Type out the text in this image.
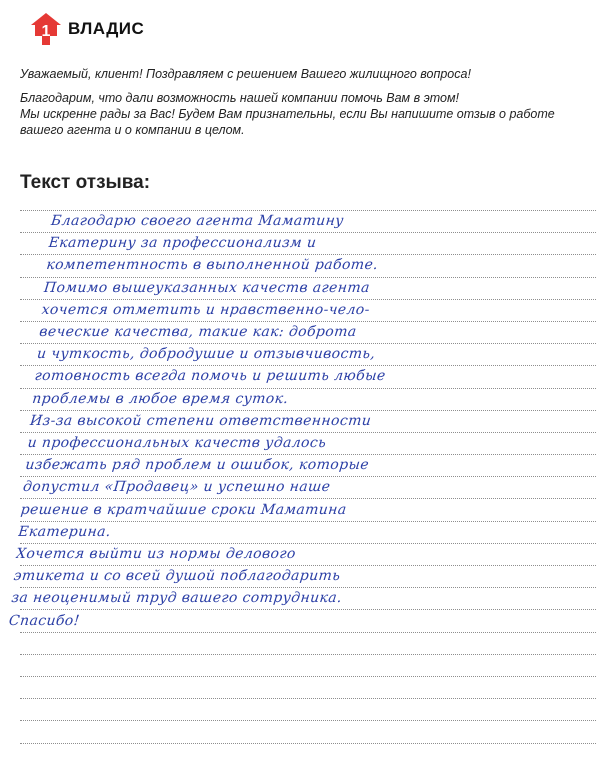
1	ВЛАДИС

Уважаемый, клиент! Поздравляем с решением Вашего жилищного вопроса!

Благодарим, что дали возможность нашей компании помочь Вам в этом!
Мы искренне рады за Вас! Будем Вам признательны, если Вы напишите отзыв о работе
вашего агента и о компании в целом.

Текст отзыва:
Благодарю своего агента Маматину
Екатерину за профессионализм и
компетентность в выполненной работе.
Помимо вышеуказанных качеств агента
хочется отметить и нравственно-чело-
веческие качества, такие как: доброта
и чуткость, добродушие и отзывчивость,
готовность всегда помочь и решить любые
проблемы в любое время суток.
Из-за высокой степени ответственности
и профессиональных качеств удалось
избежать ряд проблем и ошибок, которые
допустил «Продавец» и успешно наше
решение в кратчайшие сроки Маматина
Екатерина.
Хочется выйти из нормы делового
этикета и со всей душой поблагодарить
за неоценимый труд вашего сотрудника.
Спасибо!
